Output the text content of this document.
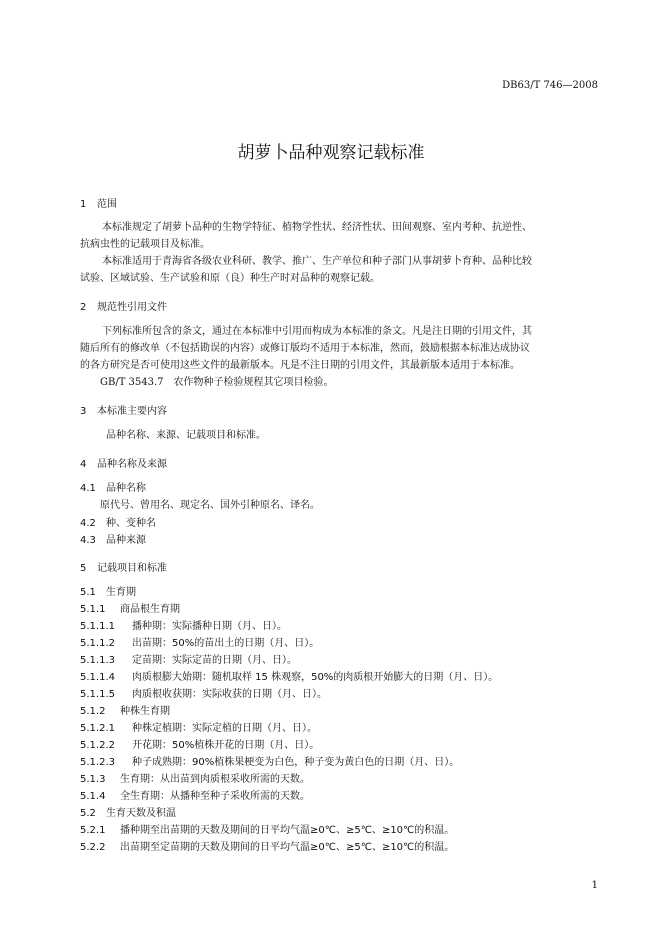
DB63/T 746—2008
胡萝卜品种观察记载标准
1 范围
本标准规定了胡萝卜品种的生物学特征、植物学性状、经济性状、田间观察、室内考种、抗逆性、
抗病虫性的记载项目及标准。
本标准适用于青海省各级农业科研、教学、推广、生产单位和种子部门从事胡萝卜育种、品种比较
试验、区域试验、生产试验和原（良）种生产时对品种的观察记载。
2 规范性引用文件
下列标准所包含的条文，通过在本标准中引用而构成为本标准的条文。凡是注日期的引用文件，其
随后所有的修改单（不包括勘误的内容）或修订版均不适用于本标准，然而，鼓励根据本标准达成协议
的各方研究是否可使用这些文件的最新版本。凡是不注日期的引用文件，其最新版本适用于本标准。
GB/T 3543.7　农作物种子检验规程其它项目检验。
3 本标准主要内容
品种名称、来源、记载项目和标准。
4 品种名称及来源
4.1 品种名称
原代号、曾用名、现定名、国外引种原名、译名。
4.2 种、变种名
4.3 品种来源
5 记载项目和标准
5.1 生育期
5.1.1 商品根生育期
5.1.1.1 播种期：实际播种日期（月、日）。
5.1.1.2 出苗期：50%的苗出土的日期（月、日）。
5.1.1.3 定苗期：实际定苗的日期（月、日）。
5.1.1.4 肉质根膨大始期：随机取样 15 株观察，50%的肉质根开始膨大的日期（月、日）。
5.1.1.5 肉质根收获期：实际收获的日期（月、日）。
5.1.2 种株生育期
5.1.2.1 种株定植期：实际定植的日期（月、日）。
5.1.2.2 开花期：50%植株开花的日期（月、日）。
5.1.2.3 种子成熟期：90%植株果梗变为白色，种子变为黄白色的日期（月、日）。
5.1.3 生育期：从出苗到肉质根采收所需的天数。
5.1.4 全生育期：从播种至种子采收所需的天数。
5.2 生育天数及积温
5.2.1 播种期至出苗期的天数及期间的日平均气温≥0℃、≥5℃、≥10℃的积温。
5.2.2 出苗期至定苗期的天数及期间的日平均气温≥0℃、≥5℃、≥10℃的积温。
1
